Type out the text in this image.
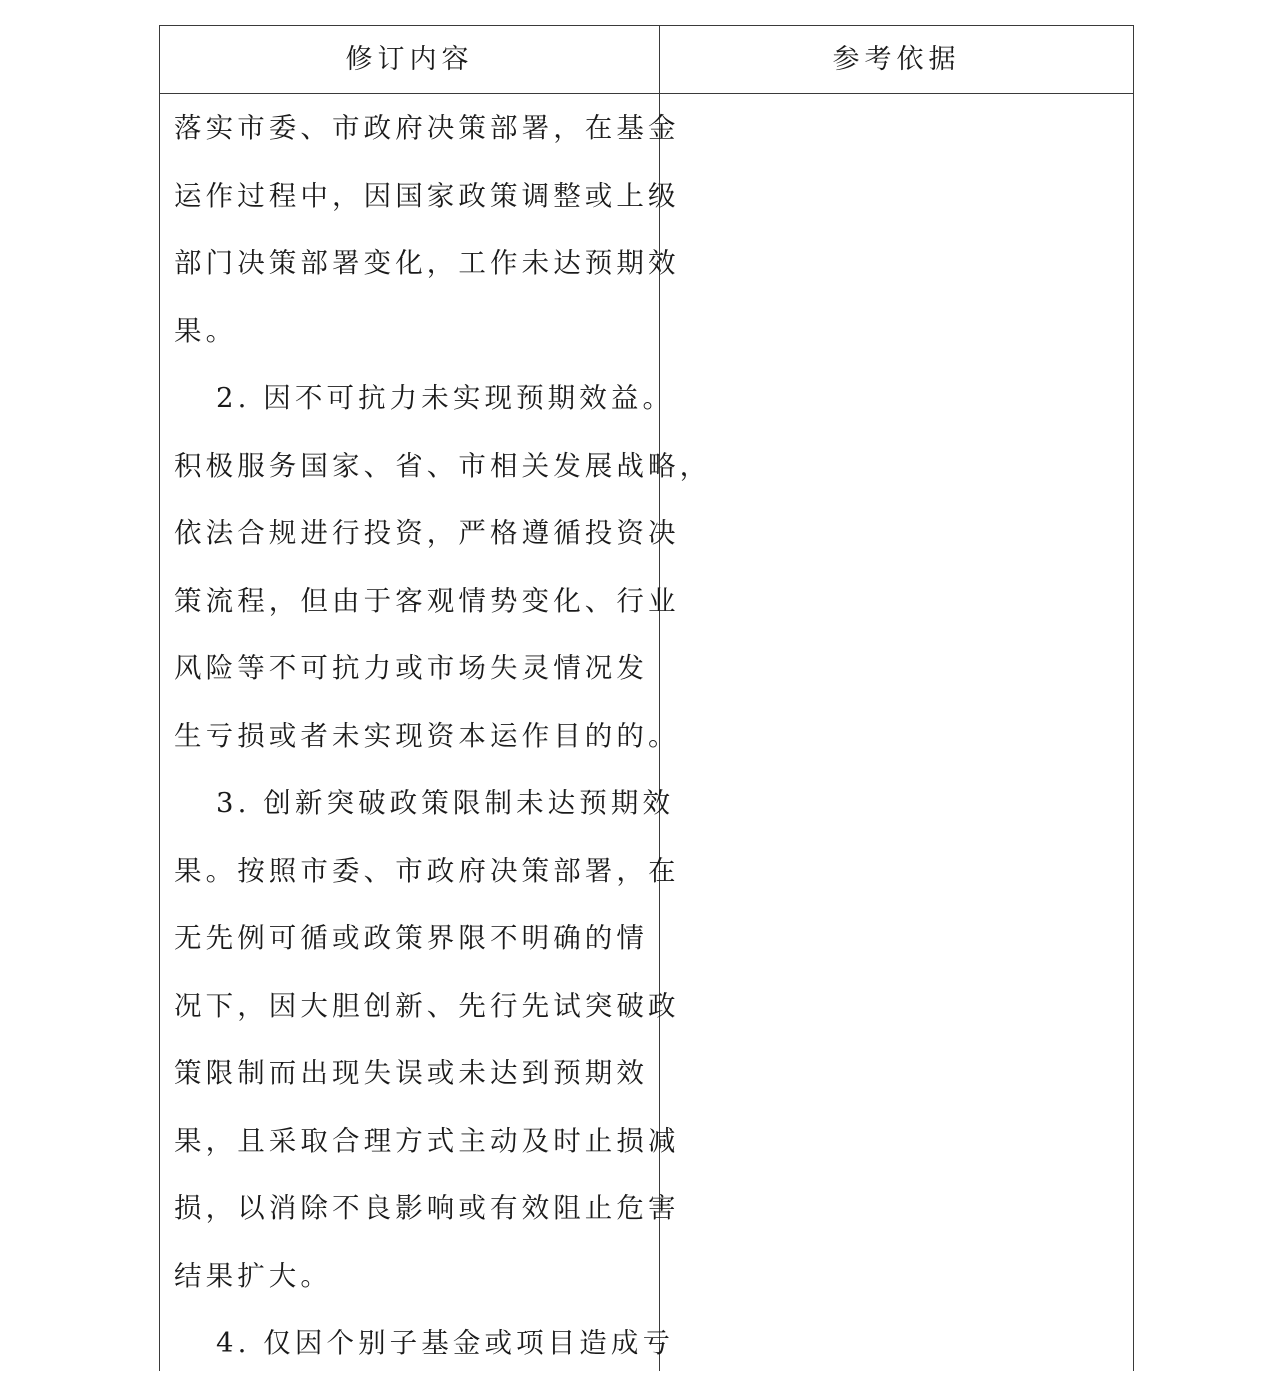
修订内容	参考依据
落实市委、市政府决策部署，在基金
运作过程中，因国家政策调整或上级
部门决策部署变化，工作未达预期效
果。
2. 因不可抗力未实现预期效益。
积极服务国家、省、市相关发展战略，
依法合规进行投资，严格遵循投资决
策流程，但由于客观情势变化、行业
风险等不可抗力或市场失灵情况发
生亏损或者未实现资本运作目的的。
3. 创新突破政策限制未达预期效
果。按照市委、市政府决策部署，在
无先例可循或政策界限不明确的情
况下，因大胆创新、先行先试突破政
策限制而出现失误或未达到预期效
果，且采取合理方式主动及时止损减
损，以消除不良影响或有效阻止危害
结果扩大。
4. 仅因个别子基金或项目造成亏
